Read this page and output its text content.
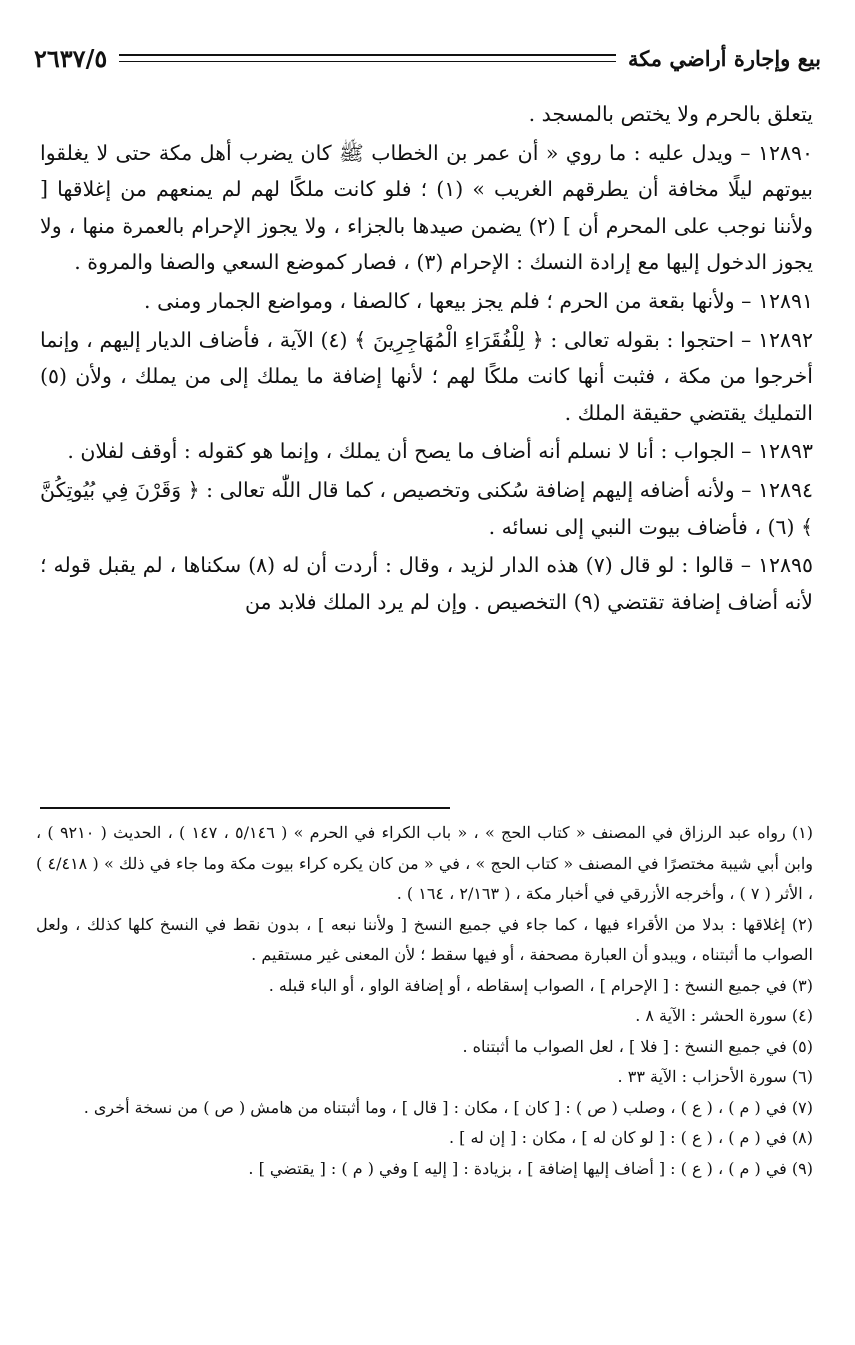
٢٦٣٧/٥	بيع وإجارة أراضي مكة

يتعلق بالحرم ولا يختص بالمسجد .

١٢٨٩٠ – ويدل عليه : ما روي « أن عمر بن الخطاب ﷺ كان يضرب أهل مكة حتى لا يغلقوا بيوتهم ليلًا مخافة أن يطرقهم الغريب » (١) ؛ فلو كانت ملكًا لهم لم يمنعهم من إغلاقها [ ولأننا نوجب على المحرم أن ] (٢) يضمن صيدها بالجزاء ، ولا يجوز الإحرام بالعمرة منها ، ولا يجوز الدخول إليها مع إرادة النسك : الإحرام (٣) ، فصار كموضع السعي والصفا والمروة .

١٢٨٩١ – ولأنها بقعة من الحرم ؛ فلم يجز بيعها ، كالصفا ، ومواضع الجمار ومنى .

١٢٨٩٢ – احتجوا : بقوله تعالى : ﴿ لِلْفُقَرَاءِ الْمُهَاجِرِينَ ﴾ (٤) الآية ، فأضاف الديار إليهم ، وإنما أخرجوا من مكة ، فثبت أنها كانت ملكًا لهم ؛ لأنها إضافة ما يملك إلى من يملك ، ولأن (٥) التمليك يقتضي حقيقة الملك .

١٢٨٩٣ – الجواب : أنا لا نسلم أنه أضاف ما يصح أن يملك ، وإنما هو كقوله : أوقف لفلان .

١٢٨٩٤ – ولأنه أضافه إليهم إضافة سُكنى وتخصيص ، كما قال اللّٰه تعالى : ﴿ وَقَرْنَ فِي بُيُوتِكُنَّ ﴾ (٦) ، فأضاف بيوت النبي إلى نسائه .

١٢٨٩٥ – قالوا : لو قال (٧) هذه الدار لزيد ، وقال : أردت أن له (٨) سكناها ، لم يقبل قوله ؛ لأنه أضاف إضافة تقتضي (٩) التخصيص . وإن لم يرد الملك فلابد من

(١) رواه عبد الرزاق في المصنف « كتاب الحج » ، « باب الكراء في الحرم » ( ٥/١٤٦ ، ١٤٧ ) ، الحديث ( ٩٢١٠ ) ، وابن أبي شيبة مختصرًا في المصنف « كتاب الحج » ، في « من كان يكره كراء بيوت مكة وما جاء في ذلك » ( ٤/٤١٨ ) ، الأثر ( ٧ ) ، وأخرجه الأزرقي في أخبار مكة ، ( ٢/١٦٣ ، ١٦٤ ) .

(٢) إغلاقها : بدلا من الأقراء فيها ، كما جاء في جميع النسخ [ ولأننا نبعه ] ، بدون نقط في النسخ كلها كذلك ، ولعل الصواب ما أثبتناه ، ويبدو أن العبارة مصحفة ، أو فيها سقط ؛ لأن المعنى غير مستقيم .

(٣) في جميع النسخ : [ الإحرام ] ، الصواب إسقاطه ، أو إضافة الواو ، أو الباء قبله .

(٤) سورة الحشر : الآية ٨ .

(٥) في جميع النسخ : [ فلا ] ، لعل الصواب ما أثبتناه .

(٦) سورة الأحزاب : الآية ٣٣ .

(٧) في ( م ) ، ( ع ) ، وصلب ( ص ) : [ كان ] ، مكان : [ قال ] ، وما أثبتناه من هامش ( ص ) من نسخة أخرى .

(٨) في ( م ) ، ( ع ) : [ لو كان له ] ، مكان : [ إن له ] .

(٩) في ( م ) ، ( ع ) : [ أضاف إليها إضافة ] ، بزيادة : [ إليه ] وفي ( م ) : [ يقتضي ] .
